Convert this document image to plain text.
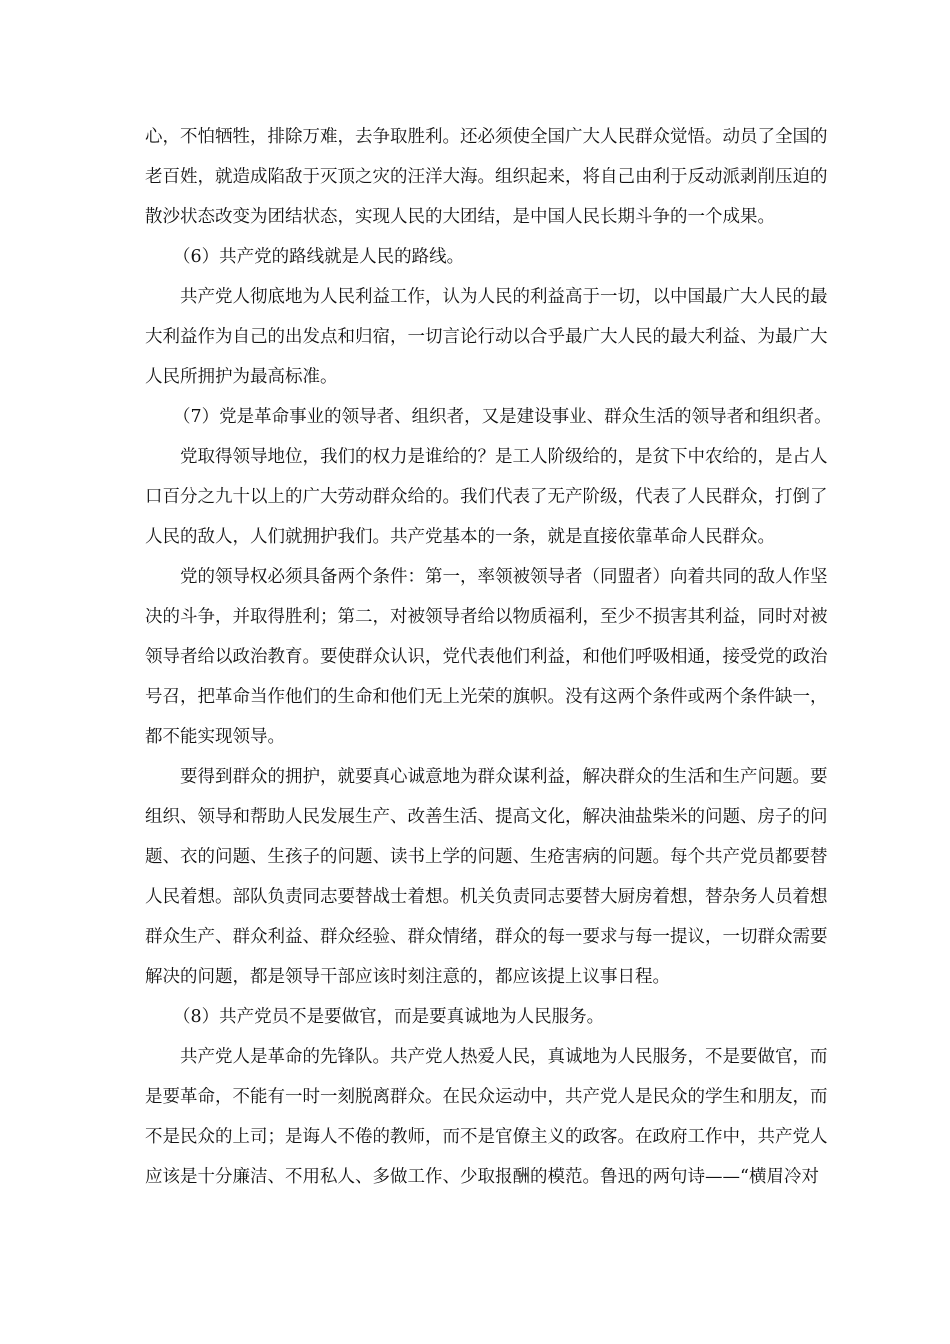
心，不怕牺牲，排除万难，去争取胜利。还必须使全国广大人民群众觉悟。动员了全国的
老百姓，就造成陷敌于灭顶之灾的汪洋大海。组织起来，将自己由利于反动派剥削压迫的
散沙状态改变为团结状态，实现人民的大团结，是中国人民长期斗争的一个成果。
（6）共产党的路线就是人民的路线。
共产党人彻底地为人民利益工作，认为人民的利益高于一切，以中国最广大人民的最
大利益作为自己的出发点和归宿，一切言论行动以合乎最广大人民的最大利益、为最广大
人民所拥护为最高标准。
（7）党是革命事业的领导者、组织者，又是建设事业、群众生活的领导者和组织者。
党取得领导地位，我们的权力是谁给的？是工人阶级给的，是贫下中农给的，是占人
口百分之九十以上的广大劳动群众给的。我们代表了无产阶级，代表了人民群众，打倒了
人民的敌人，人们就拥护我们。共产党基本的一条，就是直接依靠革命人民群众。
党的领导权必须具备两个条件：第一，率领被领导者（同盟者）向着共同的敌人作坚
决的斗争，并取得胜利；第二，对被领导者给以物质福利，至少不损害其利益，同时对被
领导者给以政治教育。要使群众认识，党代表他们利益，和他们呼吸相通，接受党的政治
号召，把革命当作他们的生命和他们无上光荣的旗帜。没有这两个条件或两个条件缺一，
都不能实现领导。
要得到群众的拥护，就要真心诚意地为群众谋利益，解决群众的生活和生产问题。要
组织、领导和帮助人民发展生产、改善生活、提高文化，解决油盐柴米的问题、房子的问
题、衣的问题、生孩子的问题、读书上学的问题、生疮害病的问题。每个共产党员都要替
人民着想。部队负责同志要替战士着想。机关负责同志要替大厨房着想，替杂务人员着想
群众生产、群众利益、群众经验、群众情绪，群众的每一要求与每一提议，一切群众需要
解决的问题，都是领导干部应该时刻注意的，都应该提上议事日程。
（8）共产党员不是要做官，而是要真诚地为人民服务。
共产党人是革命的先锋队。共产党人热爱人民，真诚地为人民服务，不是要做官，而
是要革命，不能有一时一刻脱离群众。在民众运动中，共产党人是民众的学生和朋友，而
不是民众的上司；是诲人不倦的教师，而不是官僚主义的政客。在政府工作中，共产党人
应该是十分廉洁、不用私人、多做工作、少取报酬的模范。鲁迅的两句诗——“横眉冷对
